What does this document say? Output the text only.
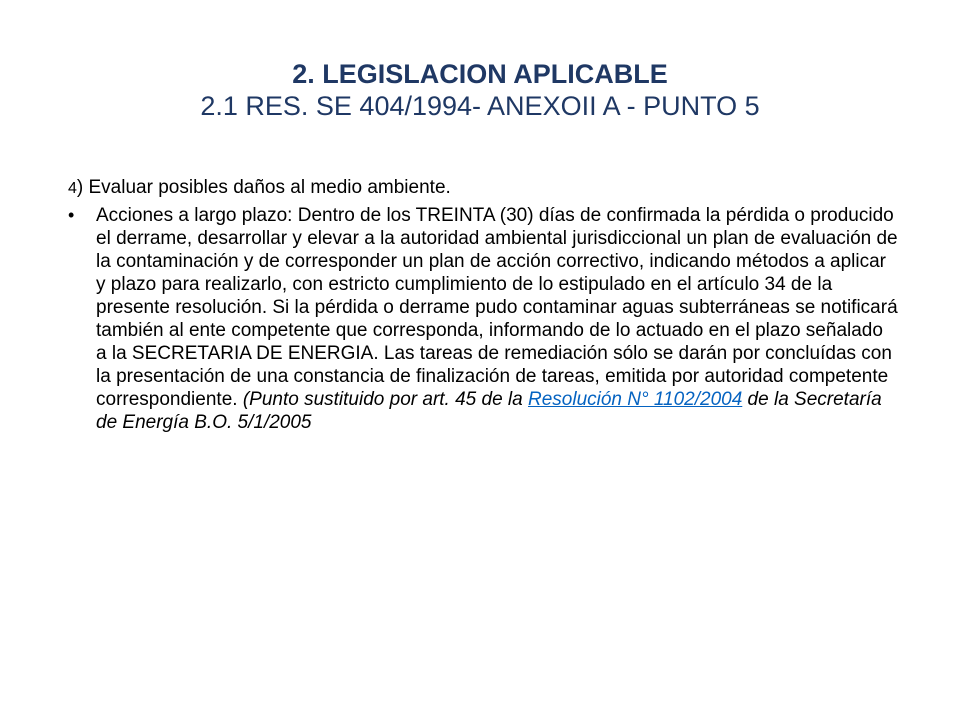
2. LEGISLACION APLICABLE
2.1 RES. SE 404/1994- ANEXOII A - PUNTO 5

4) Evaluar posibles daños al medio ambiente.

•	Acciones a largo plazo: Dentro de los TREINTA (30) días de confirmada la pérdida o producido el derrame, desarrollar y elevar a la autoridad ambiental jurisdiccional un plan de evaluación de la contaminación y de corresponder un plan de acción correctivo, indicando métodos a aplicar y plazo para realizarlo, con estricto cumplimiento de lo estipulado en el artículo 34 de la presente resolución. Si la pérdida o derrame pudo contaminar aguas subterráneas se notificará también al ente competente que corresponda, informando de lo actuado en el plazo señalado a la SECRETARIA DE ENERGIA. Las tareas de remediación sólo se darán por concluídas con la presentación de una constancia de finalización de tareas, emitida por autoridad competente correspondiente. (Punto sustituido por art. 45 de la Resolución N° 1102/2004 de la Secretaría de Energía B.O. 5/1/2005
